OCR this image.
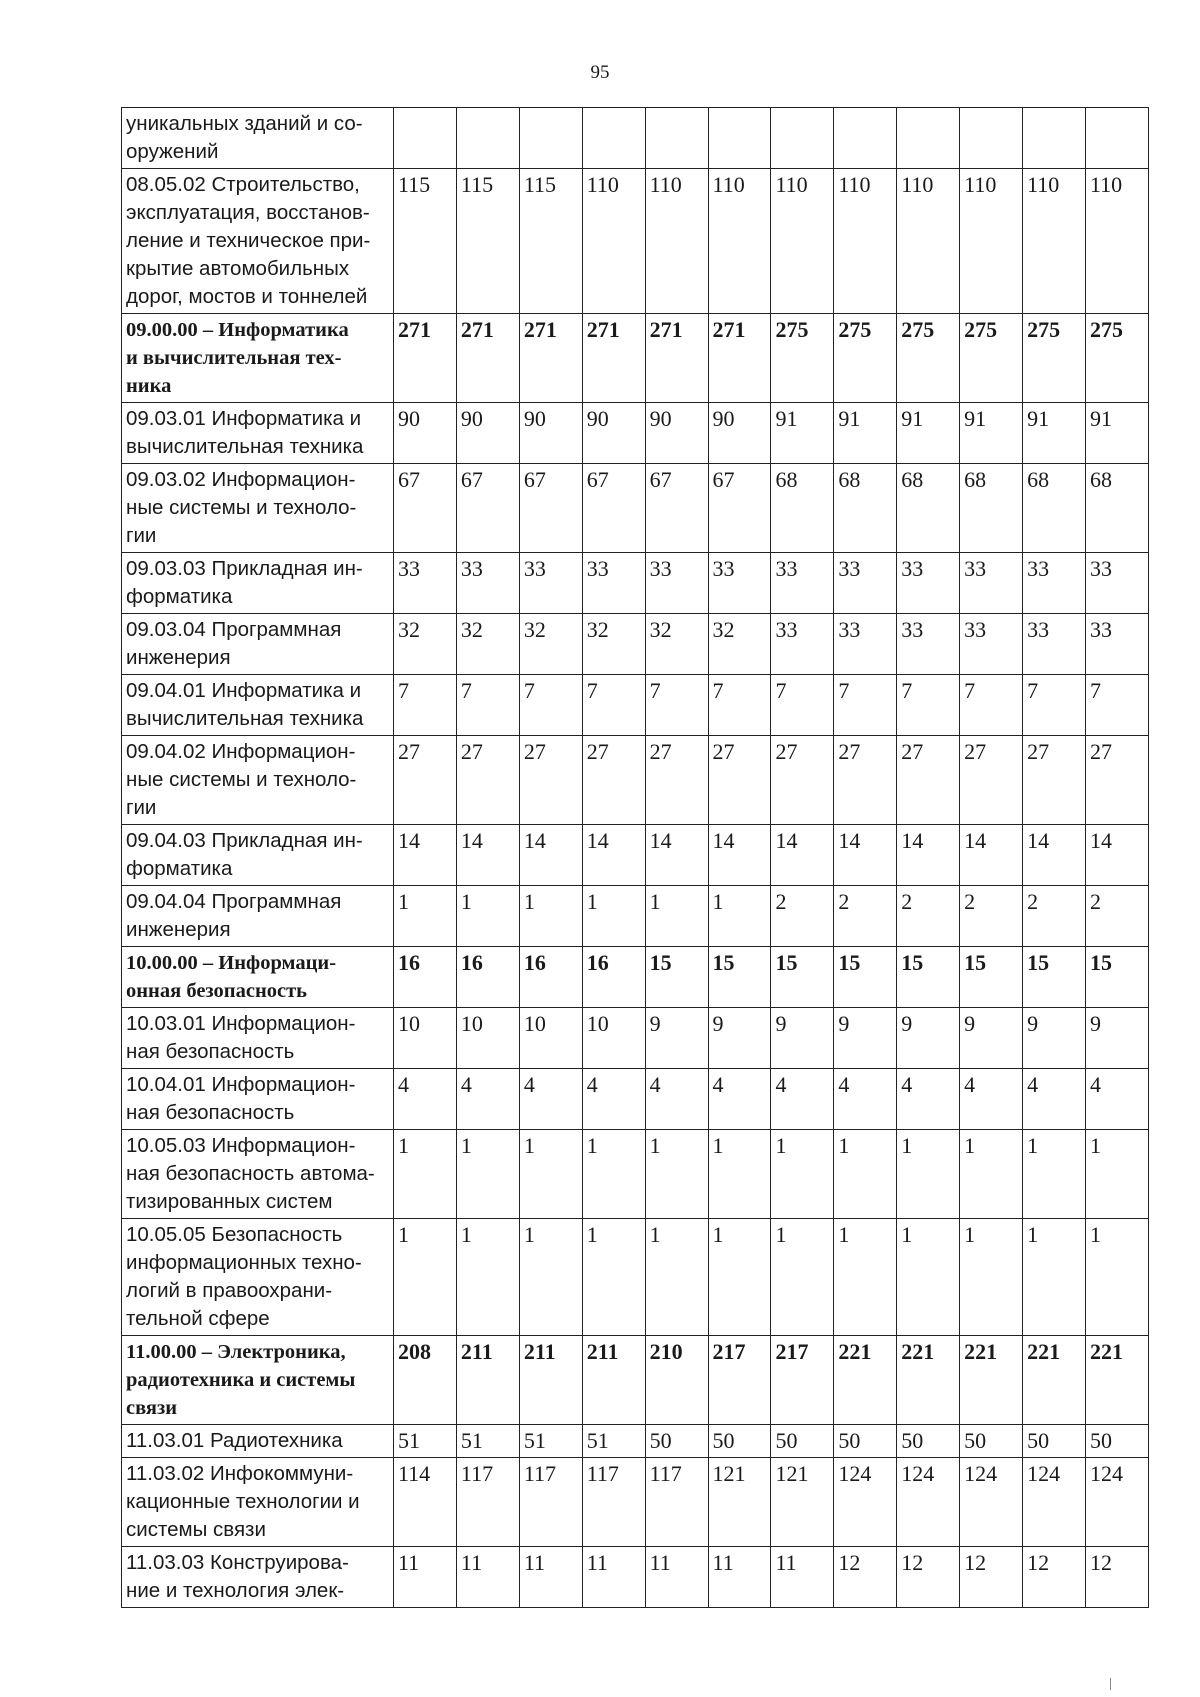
95
уникальных зданий и со-
оружений												

08.05.02 Строительство,
эксплуатация, восстанов-
ление и техническое при-
крытие автомобильных
дорог, мостов и тоннелей	115	115	115	110	110	110	110	110	110	110	110	110

09.00.00 – Информатика
и вычислительная тех-
ника	271	271	271	271	271	271	275	275	275	275	275	275

09.03.01 Информатика и
вычислительная техника	90	90	90	90	90	90	91	91	91	91	91	91

09.03.02 Информацион-
ные системы и техноло-
гии	67	67	67	67	67	67	68	68	68	68	68	68

09.03.03 Прикладная ин-
форматика	33	33	33	33	33	33	33	33	33	33	33	33

09.03.04 Программная
инженерия	32	32	32	32	32	32	33	33	33	33	33	33

09.04.01 Информатика и
вычислительная техника	7	7	7	7	7	7	7	7	7	7	7	7

09.04.02 Информацион-
ные системы и техноло-
гии	27	27	27	27	27	27	27	27	27	27	27	27

09.04.03 Прикладная ин-
форматика	14	14	14	14	14	14	14	14	14	14	14	14

09.04.04 Программная
инженерия	1	1	1	1	1	1	2	2	2	2	2	2

10.00.00 – Информаци-
онная безопасность	16	16	16	16	15	15	15	15	15	15	15	15

10.03.01 Информацион-
ная безопасность	10	10	10	10	9	9	9	9	9	9	9	9

10.04.01 Информацион-
ная безопасность	4	4	4	4	4	4	4	4	4	4	4	4

10.05.03 Информацион-
ная безопасность автома-
тизированных систем	1	1	1	1	1	1	1	1	1	1	1	1

10.05.05 Безопасность
информационных техно-
логий в правоохрани-
тельной сфере	1	1	1	1	1	1	1	1	1	1	1	1

11.00.00 – Электроника,
радиотехника и системы
связи	208	211	211	211	210	217	217	221	221	221	221	221

11.03.01 Радиотехника	51	51	51	51	50	50	50	50	50	50	50	50

11.03.02 Инфокоммуни-
кационные технологии и
системы связи	114	117	117	117	117	121	121	124	124	124	124	124

11.03.03 Конструирова-
ние и технология элек-	11	11	11	11	11	11	11	12	12	12	12	12
